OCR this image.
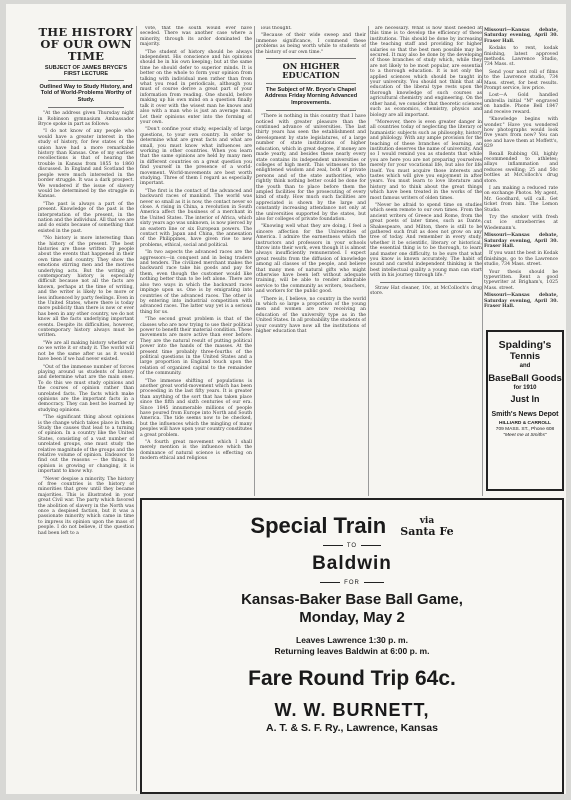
THE HISTORY OF OUR OWN TIME
SUBJECT OF JAMES BRYCE'S FIRST LECTURE
Outlined Way to Study History, and Told of World-Problems Worthy of Study.

"At the address given Thursday night in Robinson gymnasium Ambassador Bryce spoke in part as follows:

"I do not know of any people who would have a greater interest in the study of history, for few states of the union have had a more remarkable history than Kansas. One of my earliest recollections is that of hearing the trouble in Kansas from 1855 to 1860 discussed. In England and Scotland the people were much interested in the border struggle. It was a dark prospect. We wondered if the issue of slavery would be determined by the struggle in Kansas.

"The past is always a part of the present. Knowledge of the past is the interpretation of the present, in the nation and the individual. All that we are and do exists because of something that existed in the past.

"No history is more interesting than the history of the present. The best histories are those written by people about the events that happened in their own time and country. They show the emotions stirring men and the motives underlying acts. But the writing of contemporary history is especially difficult because not all the facts are known, perhaps at the time of writing, and the writer is likely to be more or less influenced by party feelings. Even in the United States, where there is today more publicity than there is now or ever has been in any other country, we do not know all the facts underlying important events. Despite its difficulties, however, contemporary history always must be written.

"We are all making history whether or no we write it or study it. The world will not be the same after us as it would have been if we had never existed.

"Out of the immense number of forces playing around us students of history and determine what are the main ones. To do this we must study opinions and the courses of opinion rather than unrelated facts. The facts which make opinions are the important facts in a democracy. They can best be learned by studying opinions.

"The significant thing about opinions is the change which takes place in them. Study the causes that lead to a turning of opinion. In a country like the United States, consisting of a vast number of unrelated groups, one must study the relative magnitude of the groups and the relative volume of opinion. Endeavor to find out the reasons — the things. If opinion is growing or changing, it is important to know why.

"Never despise a minority. The history of free countries is the history of minorities that grew until they became majorities. This is illustrated in your great Civil war. The party which favored the abolition of slavery in the North was once a despised faction, but it was a passionate minority which came in time to impress its opinion upon the mass of people. I do not believe, if the question had been left to a

vote, that the south would ever have seceded. There was another case where a minority, through its ardor dominated the majority.

"The student of history should be always independent. His conscience and his opinions should be in his own keeping; but at the same time he should defer to superior minds. It is better on the whole to form your opinion from talking with individual men rather than from what you read in periodicals, although you must of course derive a great part of your information from reading. One should, before making up his own mind on a question finally talk it over with the wisest man he knows and also with a man who is just an average man. Let their opinions enter into the forming of your own.

"Don't confine your study, especially of large questions, to your own country. In order to determine what are great facts and what are small, you must know what influences are working in other countries. When you learn that the same opinions are held by many men in different countries on a great question you find yourself in the presence of a world-movement. World-movements are best worth studying. Three of them I regard as especially important.

"The first is the contact of the advanced and backward races of mankind. The world was never so small as it is now, the contact never so close. A rising in China, a revolution in South America affect the business of a merchant in the United States. The interior of Africa, which sixty years ago was unknown, is now pierced by an eastern line or six European powers. The contact with Japan and China, the annexation of the Philippines, have given rise to new problems, ethical, social and political.

"In two aspects the advanced races are the aggressors—in conquest and in being traders and tenders. The civilized merchant makes the backward race take his goods and pay for them, even though the customer would like nothing better than to be left alone. There are also two ways in which the backward races impinge upon us. One is by emigrating into countries of the advanced races. The other is by entering into industrial competition with advanced races. The latter way yet is a serious thing for us.

"The second great problem is that of the classes who are now trying to use their political power to benefit their material condition. These movements are more active than ever before. They are the natural result of putting political power into the hands of the masses. At the present time probably three-fourths of the political questions in the United States and a large proportion in England touch upon the relation of organized capital to the remainder of the community.

"The immense shifting of populations is another great world-movement which has been proceeding in the last fifty years. It is greater than anything of the sort that has taken place since the fifth and sixth centuries of our era. Since 1845 innumerable millions of people have poured from Europe into North and South America. The tide seems now to be checked, but the influences which the mingling of many peoples will have upon your country constitutes a great problem.

"A fourth great movement which I shall merely mention is the influence which the dominance of natural science is effecting on modern ethical and religious

ious thought.

"Because of their wide sweep and their immense significance, I commend these problems as being worth while to students of the history of our own time."

ON HIGHER EDUCATION
The Subject of Mr. Bryce's Chapel Address Friday Morning Advanced Improvements.

"There is nothing in this country that I have noticed with greater pleasure than the continued advance of universities. The last thirty years has seen the establishment and development by state legislatures, of a large number of state institutions of higher education, which in great degree, if money are made yearly, and besides these nearly every state contains its independent universities or colleges of high merit. This witnesses to the enlightened wisdom and zeal, both of private persons and of the state authorities, who rightly think nothing better could be done for the youth than to place before them the ampled facilities for the prosecuting of every kind of study. How much such facilities are appreciated is shown by the large and constantly increasing attendance not only at the universities supported by the states, but also for colleges of private foundation.

"Knowing well what they are doing, I feel a sincere affection for the Universities of America. I admire the earnestness which the instructors and professors in your schools throw into their work, even though it is almost always insufficiently remunerated. I expect great results from the diffusion of knowledge among all classes of the people, and believe that many men of natural gifts who might otherwise have been left without adequate training, will be able to render admirable service to the community as writers, teachers, and workers for the public good.

"There is, I believe, no country in the world in which so large a proportion of the young men and women are now receiving an education of the university type as in the United States. In all probability the students of your country have now all the institutions of higher education that

are necessary. What is now most needed at this time is to develop the efficiency of these institutions. This should be done by increasing the teaching staff and providing for higher salaries so that the best men possible may be secured. It may also be done by the developing of those branches of study which, while they are not likely to be most popular, are essential to a thorough education. It is not only the applied sciences which should be taught in your university. You should not think that all education of the liberal type rests upon the thorough knowledge of such courses as agricultural chemistry and engineering. On the other hand, we consider that theoretic sciences such as economics, chemistry, physics and biology are all important.

"Moreover, there is even greater danger in all countries today of neglecting the literary or humanistic subjects such as philosophy, history and philology. With any ample provision for the teaching of these branches of learning, an institution deserves the name of university. And so I would remind you as students that while you are here you are not preparing yourselves merely for your vocational life, but also for life itself. You must acquire those interests and tastes which will give you enjoyment in after years. You must learn to love literature and history and to think about the great things which have been treated in the works of the most famous writers of olden times.

"Never be afraid to spend time on studies which seem remote to our own times. From the ancient writers of Greece and Rome, from the great poets of later times, such as Dante, Shakespeare, and Milton, there is still to be gathered such fruit as does not grow on any tree of today. And remember in every study, whether it be scientific, literary or historical, the essential thing is to be thorough, to learn and master one difficulty, to be sure that what you know is known accurately. The habit of sound and careful independent thinking is the best intellectual quality a young man can start with in his journey through life."

Straw Hat cleaner, 10c, at McColloch's drug store.

Missouri—Kansas debate, Saturday evening, April 30. Fraser Hall.

Kodaks to rent, kodak finishing, latest approved methods. Lawrence Studio, 734 Mass. st.

Send your next roll of films to the Lawrence studio, 734 Mass. street, for best results. Prompt service, low price.

Lost—A Gold handled umbrella initial "M" engraved on handle. Phone Bell 1847 and receive reward.

"Knowledge begins with wonder." Have you wondered how photographs would look five years from now? You can see and have them at Moffett's, 829

Rexall Rubbing Oil, highly recommended to athletes; allays inflammation and reduces swelling; 25 and 50c bottles at McColloch's drug store.

I am making a reduced rate on exchange Photos. My agent, Mr. Goodhard, will call. Get ticket from him. The Lemon Studio.

Try the smoker with fresh cut ice strawberries at Wiedemann's.

Missouri—Kansas debate, Saturday evening, April 30. Fraser Hall.

If you want the best in Kodak finishings, go to the Lawrence studio, 734 Mass. street.

Your thesis should be typewritten. Rent a good typewriter at Brigham's, 1025 Mass. street.

Missouri—Kansas debate, Saturday evening, April 30. Fraser Hall.

Spalding's
Tennis
and
BaseBall Goods
for 1910
Just In
Smith's News Depot
HILLIARD & CARROLL
709 MASS. ST., Phone 608
"Meet me at Smiths"
Special Train	via
Santa Fe
TO
Baldwin
FOR
Kansas-Baker Base Ball Game,
Monday, May 2
Leaves Lawrence 1:30 p. m.
Returning leaves Baldwin at 6:00 p. m.
Fare Round Trip 64c.
W. W. BURNETT,
A. T. & S. F. Ry., Lawrence, Kansas
